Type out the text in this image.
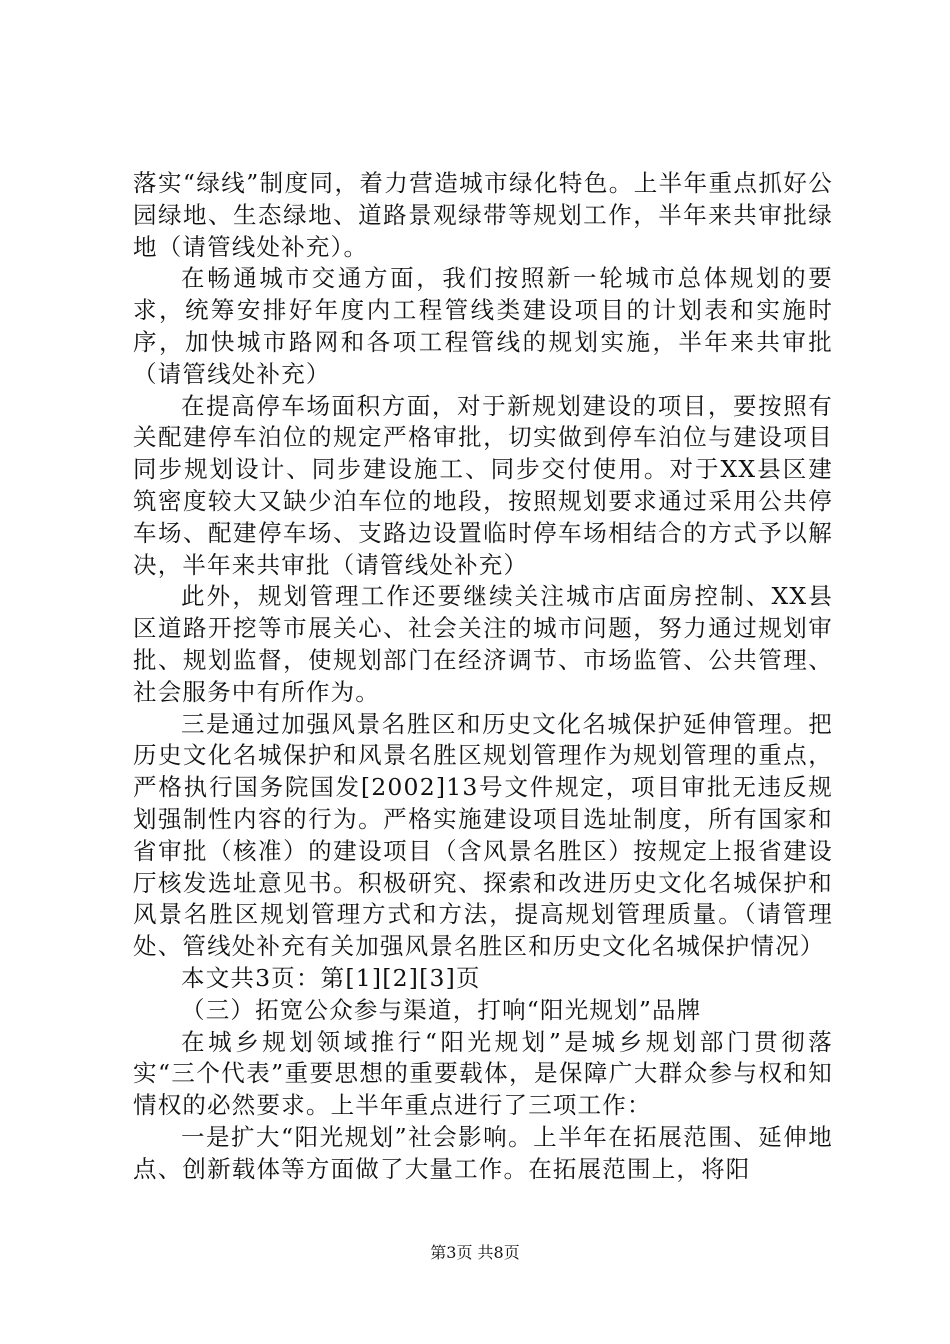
落实“绿线”制度同，着力营造城市绿化特色。上半年重点抓好公园绿地、生态绿地、道路景观绿带等规划工作，半年来共审批绿地（请管线处补充）。

在畅通城市交通方面，我们按照新一轮城市总体规划的要求，统筹安排好年度内工程管线类建设项目的计划表和实施时序，加快城市路网和各项工程管线的规划实施，半年来共审批（请管线处补充）

在提高停车场面积方面，对于新规划建设的项目，要按照有关配建停车泊位的规定严格审批，切实做到停车泊位与建设项目同步规划设计、同步建设施工、同步交付使用。对于XX县区建筑密度较大又缺少泊车位的地段，按照规划要求通过采用公共停车场、配建停车场、支路边设置临时停车场相结合的方式予以解决，半年来共审批（请管线处补充）

此外，规划管理工作还要继续关注城市店面房控制、XX县区道路开挖等市展关心、社会关注的城市问题，努力通过规划审批、规划监督，使规划部门在经济调节、市场监管、公共管理、社会服务中有所作为。

三是通过加强风景名胜区和历史文化名城保护延伸管理。把历史文化名城保护和风景名胜区规划管理作为规划管理的重点，严格执行国务院国发[2002]13号文件规定，项目审批无违反规划强制性内容的行为。严格实施建设项目选址制度，所有国家和省审批（核准）的建设项目（含风景名胜区）按规定上报省建设厅核发选址意见书。积极研究、探索和改进历史文化名城保护和风景名胜区规划管理方式和方法，提高规划管理质量。（请管理处、管线处补充有关加强风景名胜区和历史文化名城保护情况）

本文共3页：第[1][2][3]页

（三）拓宽公众参与渠道，打响“阳光规划”品牌

在城乡规划领域推行“阳光规划”是城乡规划部门贯彻落实“三个代表”重要思想的重要载体，是保障广大群众参与权和知情权的必然要求。上半年重点进行了三项工作：

一是扩大“阳光规划”社会影响。上半年在拓展范围、延伸地点、创新载体等方面做了大量工作。在拓展范围上，将阳

第3页 共8页
